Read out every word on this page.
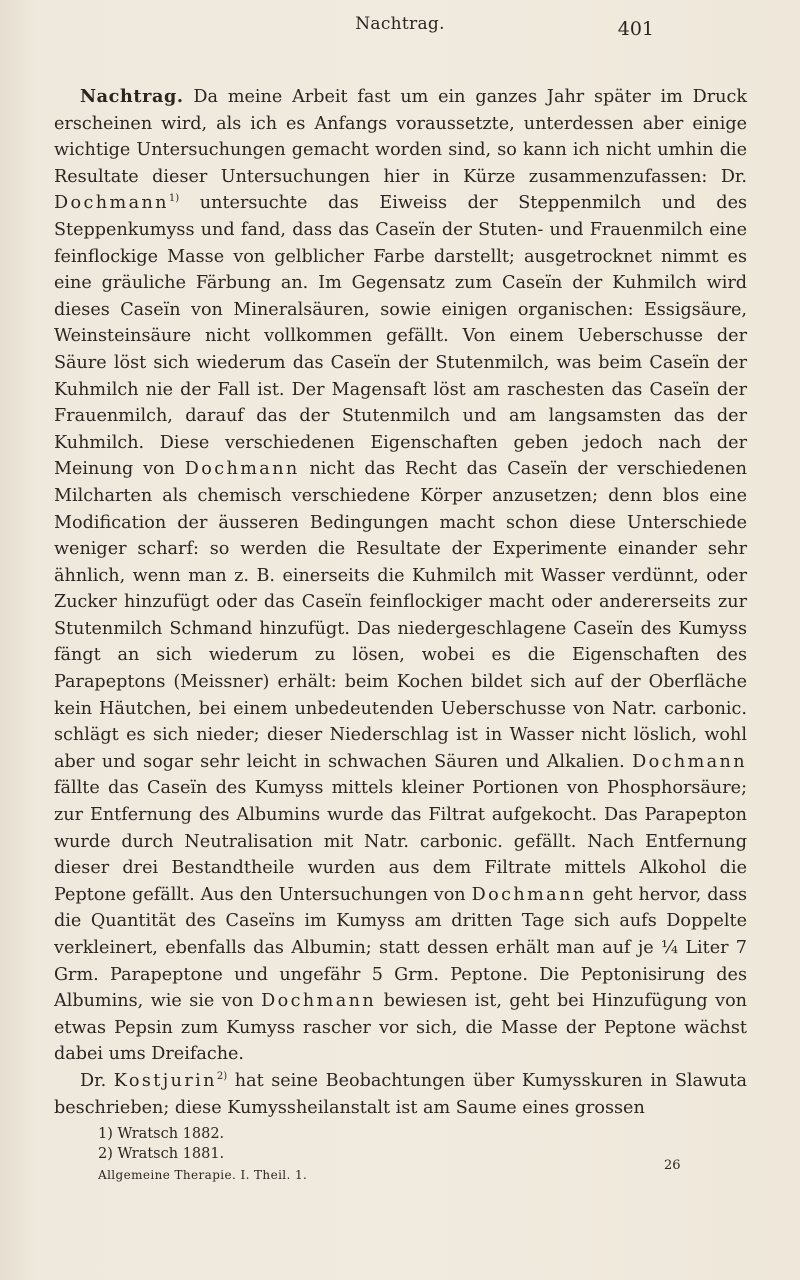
Nachtrag.	401

Nachtrag. Da meine Arbeit fast um ein ganzes Jahr später im Druck erscheinen wird, als ich es Anfangs voraussetzte, unterdessen aber einige wichtige Untersuchungen gemacht worden sind, so kann ich nicht umhin die Resultate dieser Untersuchungen hier in Kürze zusammenzufassen: Dr. Dochmann$^{1)}$ untersuchte das Eiweiss der Steppenmilch und des Steppenkumyss und fand, dass das Caseïn der Stuten- und Frauenmilch eine feinflockige Masse von gelblicher Farbe darstellt; ausgetrocknet nimmt es eine gräuliche Färbung an. Im Gegensatz zum Caseïn der Kuhmilch wird dieses Caseïn von Mineralsäuren, sowie einigen organischen: Essigsäure, Weinsteinsäure nicht vollkommen gefällt. Von einem Ueberschusse der Säure löst sich wiederum das Caseïn der Stutenmilch, was beim Caseïn der Kuhmilch nie der Fall ist. Der Magensaft löst am raschesten das Caseïn der Frauenmilch, darauf das der Stutenmilch und am langsamsten das der Kuhmilch. Diese verschiedenen Eigenschaften geben jedoch nach der Meinung von Dochmann nicht das Recht das Caseïn der verschiedenen Milcharten als chemisch verschiedene Körper anzusetzen; denn blos eine Modification der äusseren Bedingungen macht schon diese Unterschiede weniger scharf: so werden die Resultate der Experimente einander sehr ähnlich, wenn man z. B. einerseits die Kuhmilch mit Wasser verdünnt, oder Zucker hinzufügt oder das Caseïn feinflockiger macht oder andererseits zur Stutenmilch Schmand hinzufügt. Das niedergeschlagene Caseïn des Kumyss fängt an sich wiederum zu lösen, wobei es die Eigenschaften des Parapeptons (Meissner) erhält: beim Kochen bildet sich auf der Oberfläche kein Häutchen, bei einem unbedeutenden Ueberschusse von Natr. carbonic. schlägt es sich nieder; dieser Niederschlag ist in Wasser nicht löslich, wohl aber und sogar sehr leicht in schwachen Säuren und Alkalien. Dochmann fällte das Caseïn des Kumyss mittels kleiner Portionen von Phosphorsäure; zur Entfernung des Albumins wurde das Filtrat aufgekocht. Das Parapepton wurde durch Neutralisation mit Natr. carbonic. gefällt. Nach Entfernung dieser drei Bestandtheile wurden aus dem Filtrate mittels Alkohol die Peptone gefällt. Aus den Untersuchungen von Dochmann geht hervor, dass die Quantität des Caseïns im Kumyss am dritten Tage sich aufs Doppelte verkleinert, ebenfalls das Albumin; statt dessen erhält man auf je ¼ Liter 7 Grm. Parapeptone und ungefähr 5 Grm. Peptone. Die Peptonisirung des Albumins, wie sie von Dochmann bewiesen ist, geht bei Hinzufügung von etwas Pepsin zum Kumyss rascher vor sich, die Masse der Peptone wächst dabei ums Dreifache.

Dr. Kostjurin$^{2)}$ hat seine Beobachtungen über Kumysskuren in Slawuta beschrieben; diese Kumyssheilanstalt ist am Saume eines grossen

1) Wratsch 1882.
2) Wratsch 1881.
Allgemeine Therapie. I. Theil. 1.
26
